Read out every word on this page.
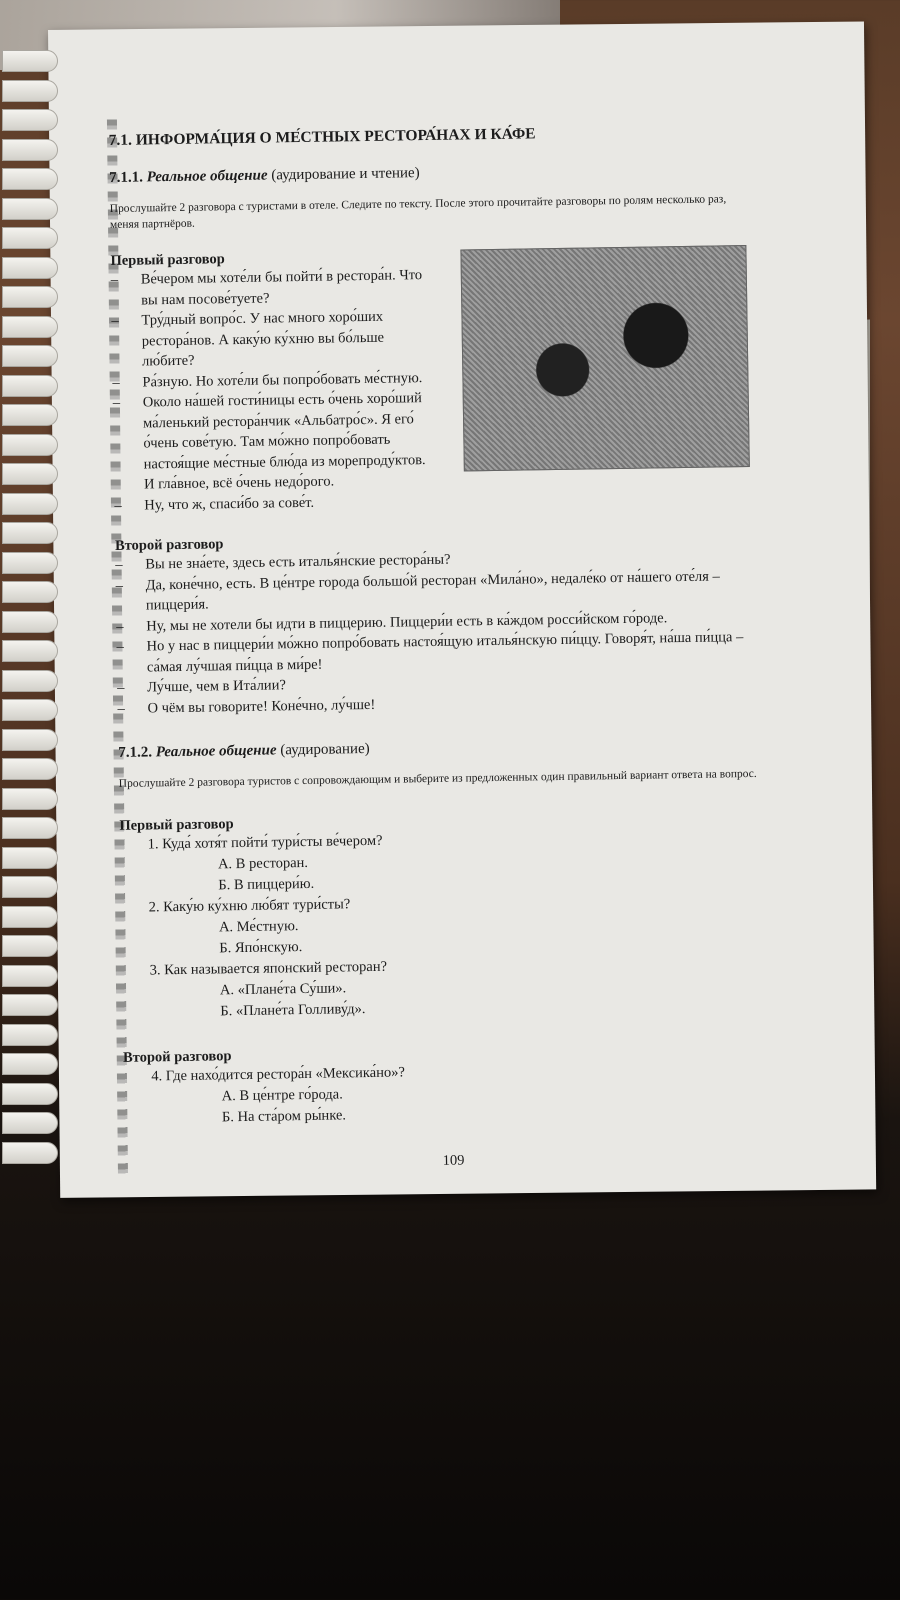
7.1. ИНФОРМА́ЦИЯ О МЕ́СТНЫХ РЕСТОРА́НАХ И КА́ФЕ
7.1.1. Реальное общение (аудирование и чтение)
Прослушайте 2 разговора с туристами в отеле. Следите по тексту. После этого прочитайте разговоры по ролям несколько раз, меняя партнёров.
Первый разговор
– Ве́чером мы хоте́ли бы пойти́ в рестора́н. Что вы нам посове́туете?
– Тру́дный вопро́с. У нас много хоро́ших рестора́нов. А каку́ю ку́хню вы бо́льше лю́бите?
– Ра́зную. Но хоте́ли бы попро́бовать ме́стную.
– Около на́шей гости́ницы есть о́чень хоро́ший ма́ленький рестора́нчик «Альбатро́с». Я его́ о́чень сове́тую. Там мо́жно попро́бовать настоя́щие ме́стные блю́да из морепроду́ктов. И гла́вное, всё о́чень недо́рого.
– Ну, что ж, спаси́бо за сове́т.
Второй разговор
– Вы не зна́ете, здесь есть италья́нские рестора́ны?
– Да, коне́чно, есть. В це́нтре города большо́й ресторан «Мила́но», недале́ко от на́шего оте́ля – пиццери́я.
– Ну, мы не хотели бы идти в пиццерию. Пиццери́и есть в ка́ждом росси́йском го́роде.
– Но у нас в пиццери́и мо́жно попро́бовать настоя́щую италья́нскую пи́ццу. Говоря́т, на́ша пи́цца – са́мая лу́чшая пи́цца в ми́ре!
– Лу́чше, чем в Ита́лии?
– О чём вы говорите! Коне́чно, лу́чше!
7.1.2. Реальное общение (аудирование)
Прослушайте 2 разговора туристов с сопровождающим и выберите из предложенных один правильный вариант ответа на вопрос.
Первый разговор
1. Куда́ хотя́т пойти́ тури́сты ве́чером?
А. В ресторан.
Б. В пиццери́ю.
2. Каку́ю ку́хню лю́бят тури́сты?
А. Ме́стную.
Б. Япо́нскую.
3. Как называется японский ресторан?
А. «Плане́та Су́ши».
Б. «Плане́та Голливу́д».
Второй разговор
4. Где нахо́дится рестора́н «Мексика́но»?
А. В це́нтре го́рода.
Б. На ста́ром ры́нке.
109
